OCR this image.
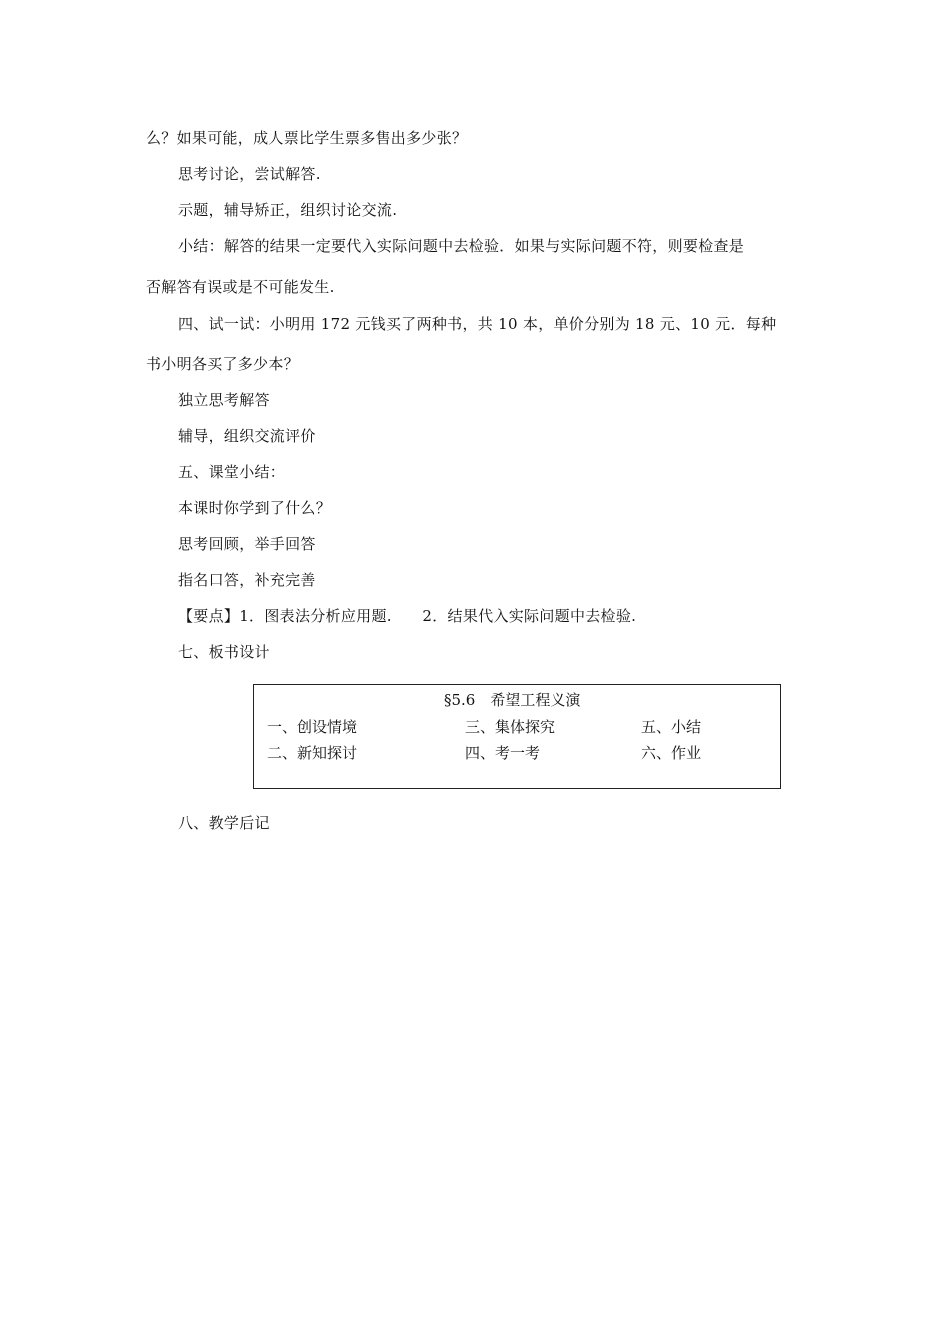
么？如果可能，成人票比学生票多售出多少张？
思考讨论，尝试解答.
示题，辅导矫正，组织讨论交流.
小结：解答的结果一定要代入实际问题中去检验．如果与实际问题不符，则要检查是
否解答有误或是不可能发生.
四、试一试：小明用 172 元钱买了两种书，共 10 本，单价分别为 18 元、10 元．每种
书小明各买了多少本？
独立思考解答
辅导，组织交流评价
五、课堂小结：
本课时你学到了什么？
思考回顾，举手回答
指名口答，补充完善
【要点】1．图表法分析应用题.　　2．结果代入实际问题中去检验.
七、板书设计
§5.6　希望工程义演
一、创设情境	三、集体探究	五、小结
二、新知探讨	四、考一考	六、作业
八、教学后记
